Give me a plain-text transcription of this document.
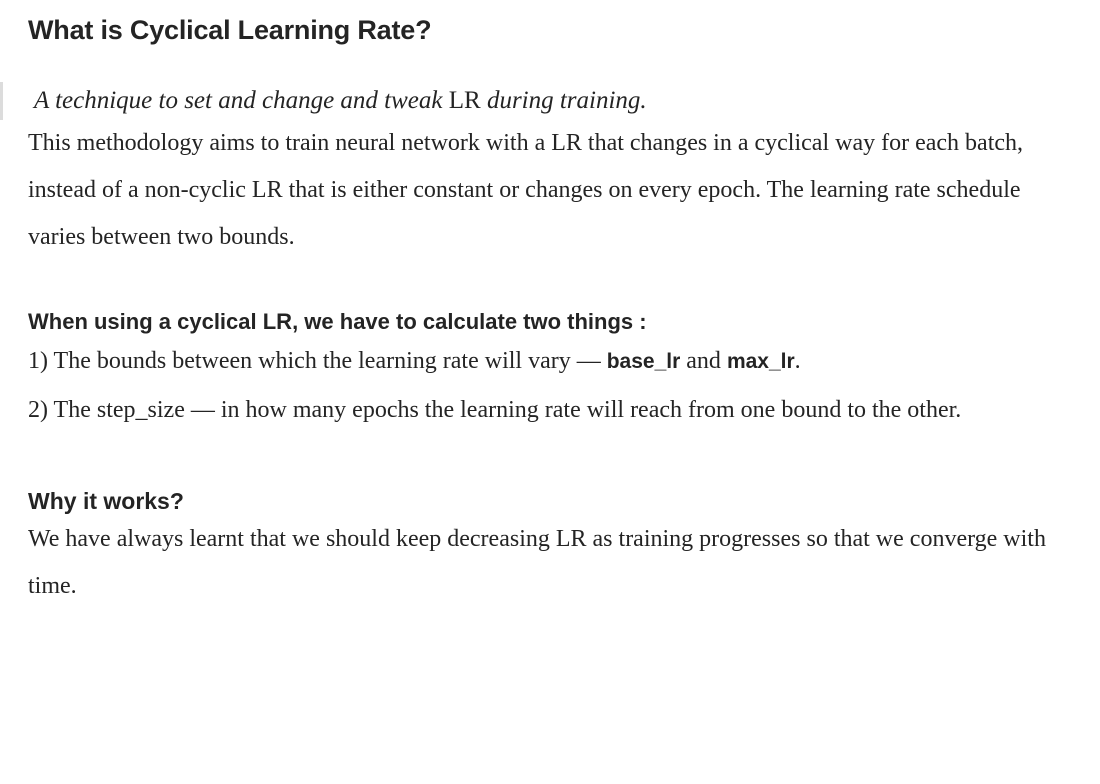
What is Cyclical Learning Rate?
A technique to set and change and tweak LR during training.

This methodology aims to train neural network with a LR that changes in a cyclical way for each batch, instead of a non-cyclic LR that is either constant or changes on every epoch. The learning rate schedule varies between two bounds.

When using a cyclical LR, we have to calculate two things :
1) The bounds between which the learning rate will vary — base_lr and max_lr.
2) The step_size — in how many epochs the learning rate will reach from one bound to the other.
Why it works?

We have always learnt that we should keep decreasing LR as training progresses so that we converge with time.
